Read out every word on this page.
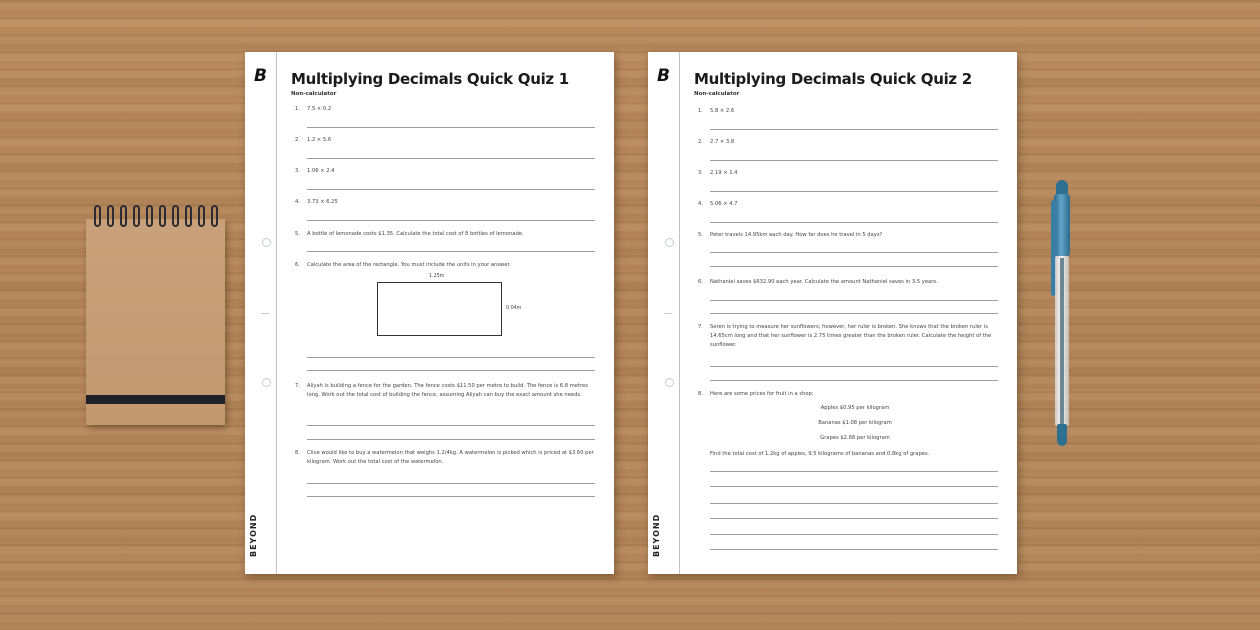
B
BEYOND
Multiplying Decimals Quick Quiz 1
Non-calculator
1.	7.5 × 0.2
2.	1.2 × 5.6
3.	1.06 × 2.4
4.	3.73 × 6.25
5.	A bottle of lemonade costs $1.35. Calculate the total cost of 8 bottles of lemonade.
6.	Calculate the area of the rectangle. You must include the units in your answer.
1.25m
0.04m
7.	Aliyah is building a fence for the garden. The fence costs $11.50 per metre to build. The fence is 6.8 metres long. Work out the total cost of building the fence, assuming Aliyah can buy the exact amount she needs.
8.	Clive would like to buy a watermelon that weighs 1.2/4kg. A watermelon is picked which is priced at $3.60 per kilogram. Work out the total cost of the watermelon.
B
BEYOND
Multiplying Decimals Quick Quiz 2
Non-calculator
1.	5.8 × 2.6
2.	2.7 × 3.8
3.	2.19 × 1.4
4.	5.06 × 4.7
5.	Peter travels 14.95km each day. How far does he travel in 5 days?
6.	Nathaniel saves $632.90 each year. Calculate the amount Nathaniel saves in 3.5 years.
7.	Seren is trying to measure her sunflowers; however, her ruler is broken. She knows that the broken ruler is 14.65cm long and that her sunflower is 2.75 times greater than the broken ruler. Calculate the height of the sunflower.
8.	Here are some prices for fruit in a shop:
Apples $0.95 per kilogram
Bananas $1.08 per kilogram
Grapes $2.68 per kilogram
Find the total cost of 1.2kg of apples, 9.5 kilograms of bananas and 0.8kg of grapes.
